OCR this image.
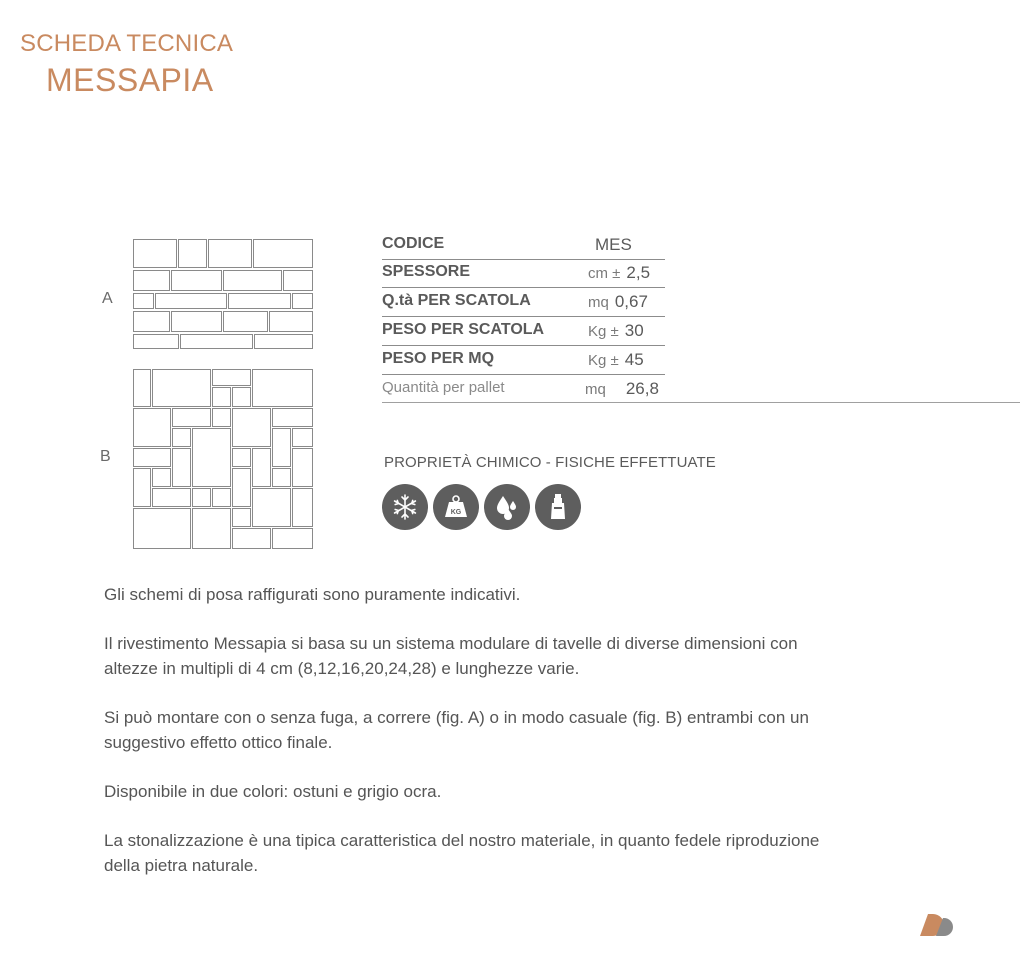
SCHEDA TECNICA
MESSAPIA
A
B
CODICE	MES
SPESSORE	cm ± 2,5
Q.tà PER SCATOLA	mq 0,67
PESO PER SCATOLA	Kg ± 30
PESO PER MQ	Kg ± 45
Quantità per pallet	mq 26,8
PROPRIETÀ CHIMICO - FISICHE EFFETTUATE
KG

Gli schemi di posa raffigurati sono puramente indicativi.

Il rivestimento Messapia si basa su un sistema modulare di tavelle di diverse dimensioni con altezze in multipli di 4 cm (8,12,16,20,24,28) e lunghezze varie.

Si può montare con o senza fuga, a correre (fig. A) o in modo casuale (fig. B) entrambi con un suggestivo effetto ottico finale.

Disponibile in due colori: ostuni e grigio ocra.

La stonalizzazione è una tipica caratteristica del nostro materiale, in quanto fedele riproduzione della pietra naturale.
